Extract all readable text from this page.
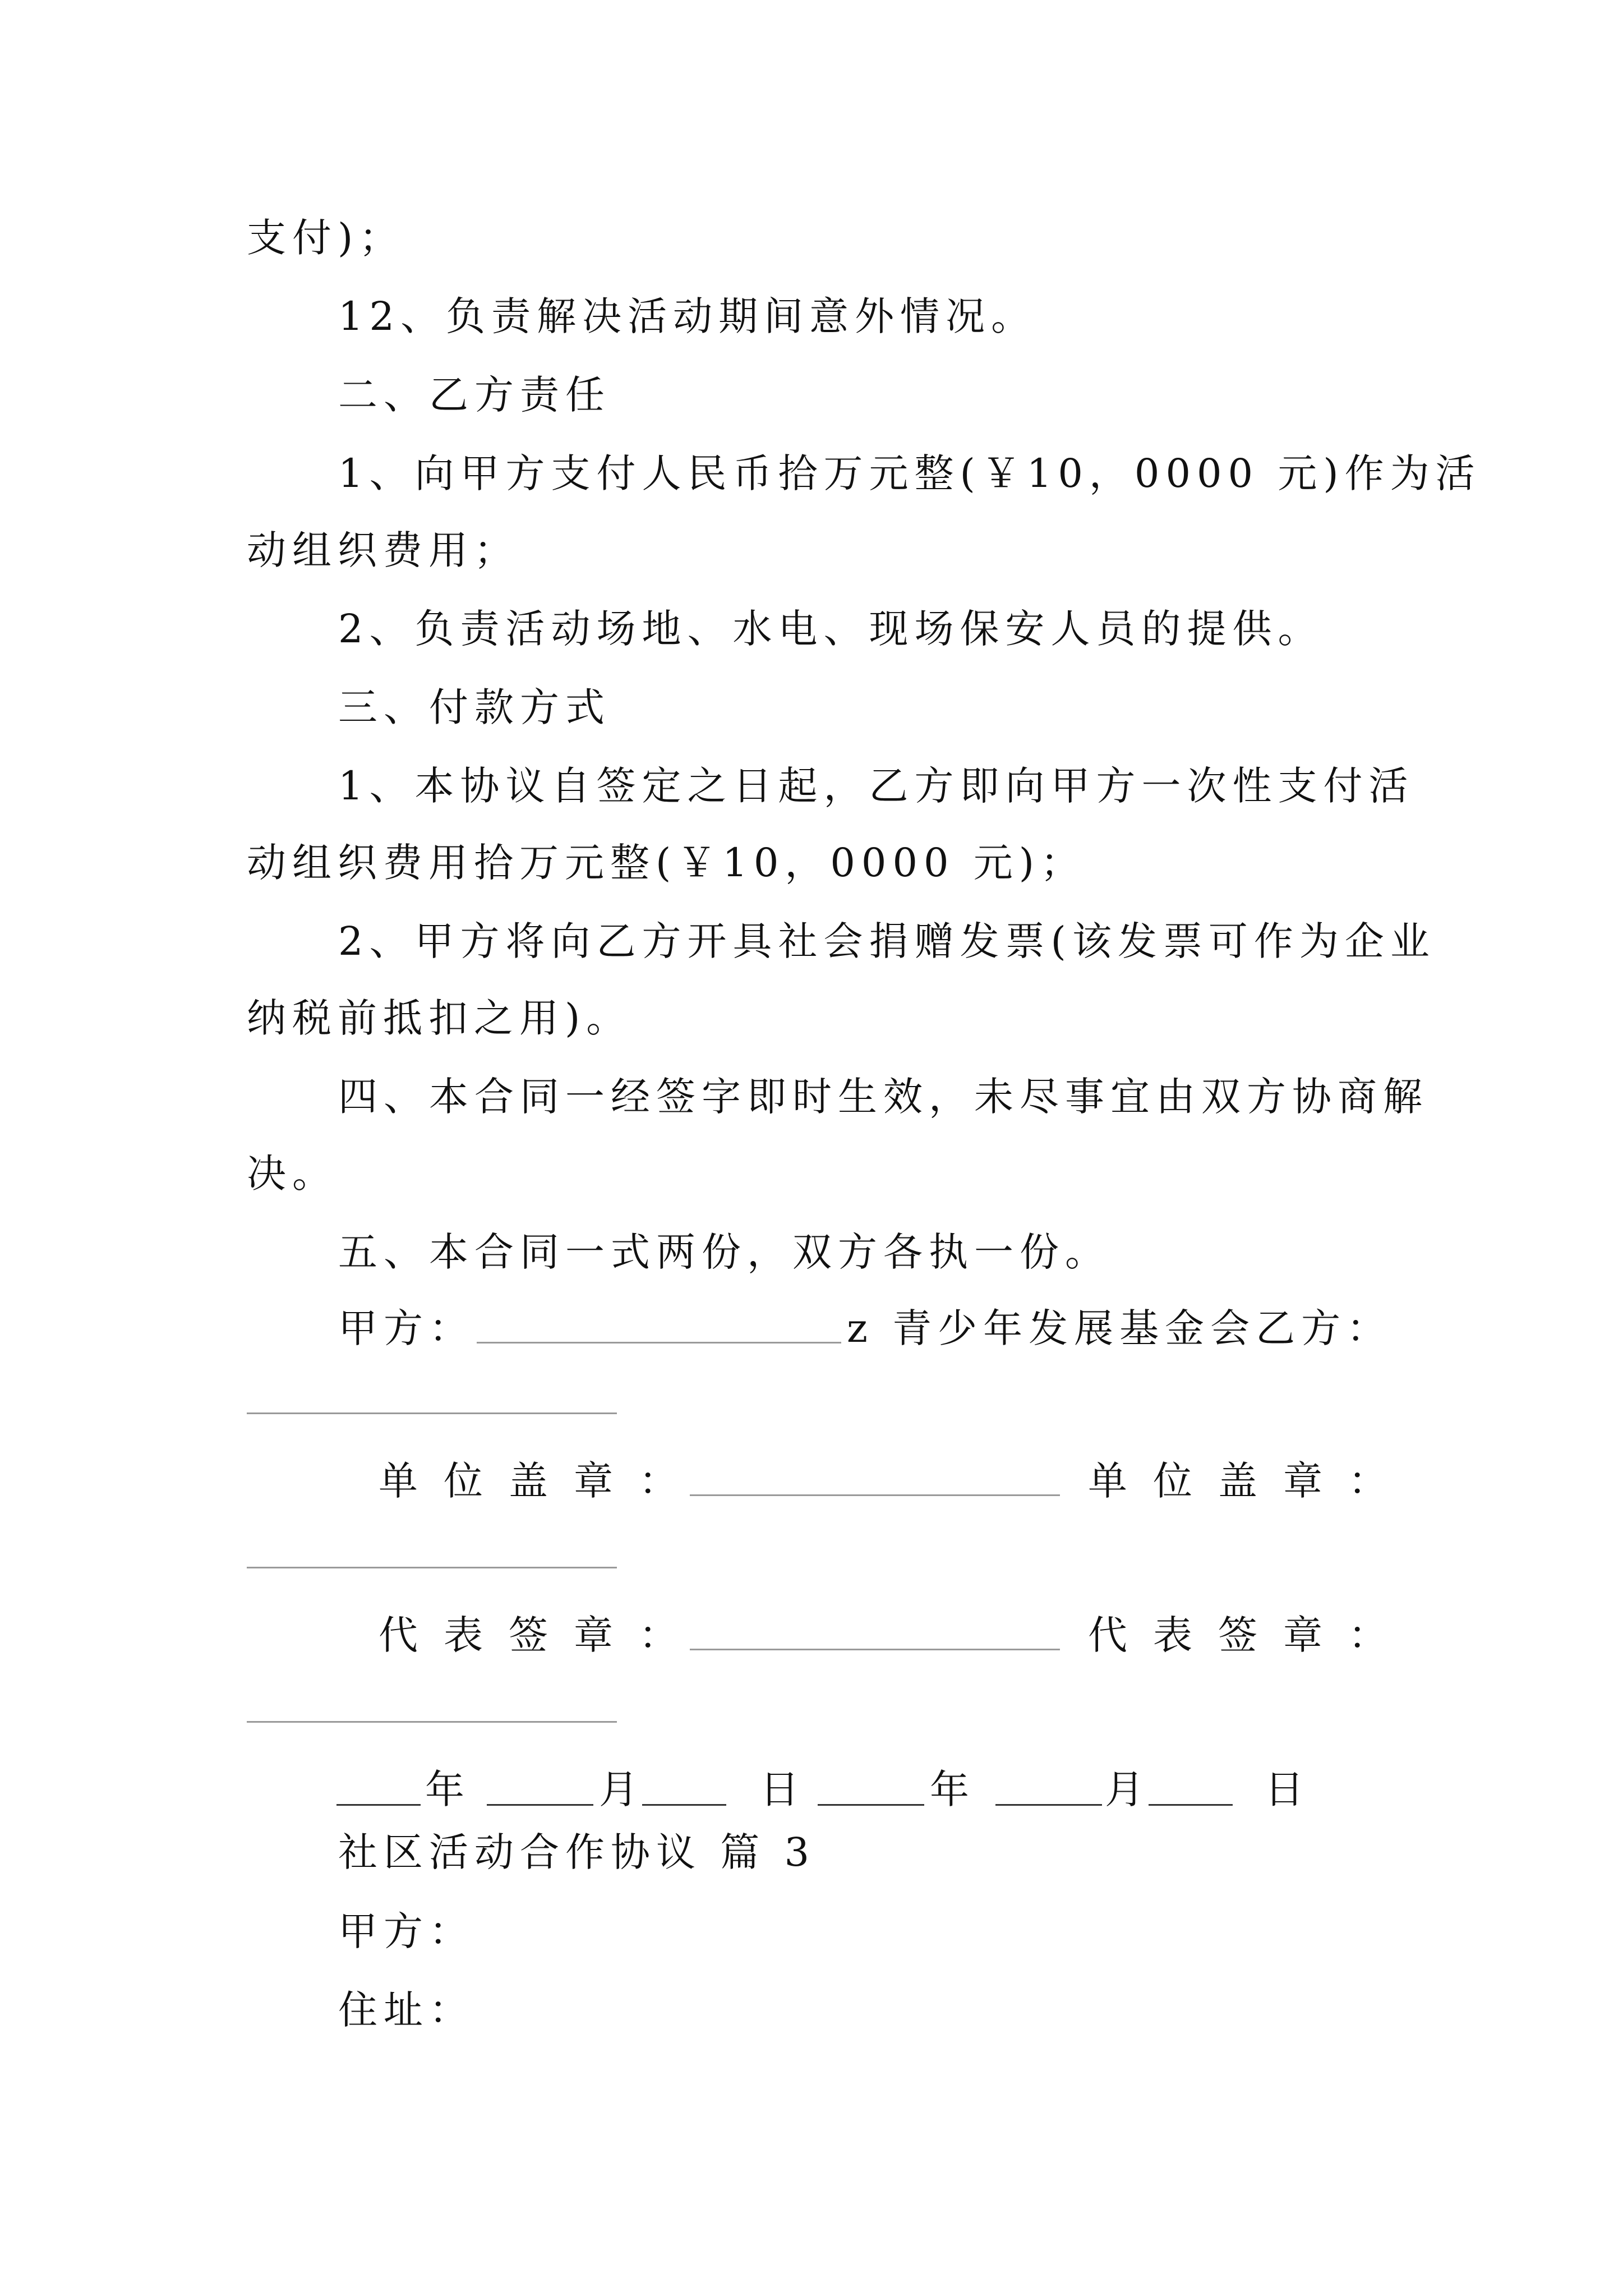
支付)；
12、负责解决活动期间意外情况。
二、乙方责任
1、向甲方支付人民币拾万元整(￥10，0000 元)作为活
动组织费用；
2、负责活动场地、水电、现场保安人员的提供。
三、付款方式
1、本协议自签定之日起，乙方即向甲方一次性支付活
动组织费用拾万元整(￥10，0000 元)；
2、甲方将向乙方开具社会捐赠发票(该发票可作为企业
纳税前抵扣之用)。
四、本合同一经签字即时生效，未尽事宜由双方协商解
决。
五、本合同一式两份，双方各执一份。
甲方：	z 青少年发展基金会乙方：
单位盖章：	单位盖章：
代表签章：	代表签章：
年	月	日	年	月	日
社区活动合作协议 篇 3
甲方：
住址：
